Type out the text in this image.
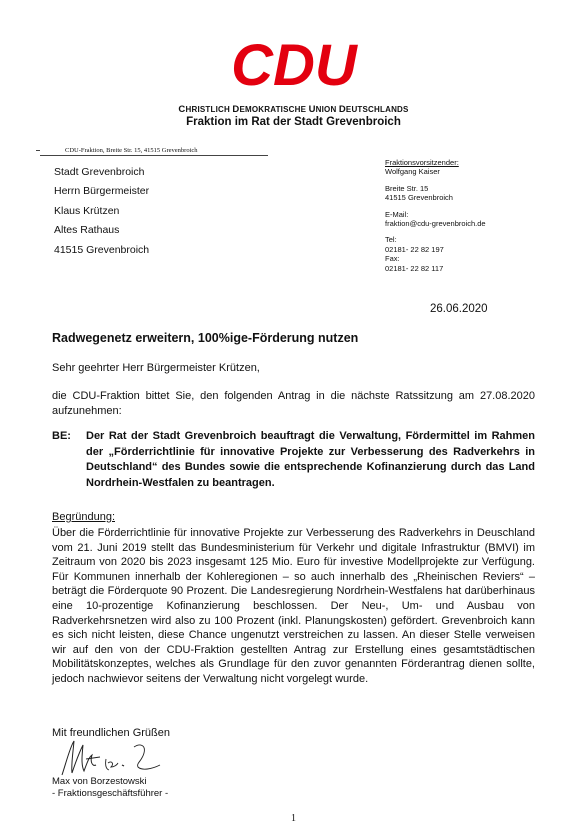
CDU
CHRISTLICH DEMOKRATISCHE UNION DEUTSCHLANDS
Fraktion im Rat der Stadt Grevenbroich
CDU-Fraktion, Breite Str. 15, 41515 Grevenbroich
Stadt Grevenbroich
Herrn Bürgermeister
Klaus Krützen
Altes Rathaus
41515 Grevenbroich
Fraktionsvorsitzender:
Wolfgang Kaiser
Breite Str. 15
41515 Grevenbroich
E-Mail:
fraktion@cdu-grevenbroich.de
Tel:
02181- 22 82 197
Fax:
02181- 22 82 117
26.06.2020
Radwegenetz erweitern, 100%ige-Förderung nutzen
Sehr geehrter Herr Bürgermeister Krützen,
die CDU-Fraktion bittet Sie, den folgenden Antrag in die nächste Ratssitzung am 27.08.2020 aufzunehmen:
BE: Der Rat der Stadt Grevenbroich beauftragt die Verwaltung, Fördermittel im Rahmen der „Förderrichtlinie für innovative Projekte zur Verbesserung des Radverkehrs in Deutschland“ des Bundes sowie die entsprechende Kofinanzierung durch das Land Nordrhein-Westfalen zu beantragen.
Begründung:
Über die Förderrichtlinie für innovative Projekte zur Verbesserung des Radverkehrs in Deuschland vom 21. Juni 2019 stellt das Bundesministerium für Verkehr und digitale Infrastruktur (BMVI) im Zeitraum von 2020 bis 2023 insgesamt 125 Mio. Euro für investive Modellprojekte zur Verfügung. Für Kommunen innerhalb der Kohleregionen – so auch innerhalb des „Rheinischen Reviers“ – beträgt die Förderquote 90 Prozent. Die Landesregierung Nordrhein-Westfalens hat darüberhinaus eine 10-prozentige Kofinanzierung beschlossen. Der Neu-, Um- und Ausbau von Radverkehrsnetzen wird also zu 100 Prozent (inkl. Planungskosten) gefördert. Grevenbroich kann es sich nicht leisten, diese Chance ungenutzt verstreichen zu lassen. An dieser Stelle verweisen wir auf den von der CDU-Fraktion gestellten Antrag zur Erstellung eines gesamtstädtischen Mobilitätskonzeptes, welches als Grundlage für den zuvor genannten Förderantrag dienen sollte, jedoch nachwievor seitens der Verwaltung nicht vorgelegt wurde.
Mit freundlichen Grüßen
Max von Borzestowski
- Fraktionsgeschäftsführer -
1
